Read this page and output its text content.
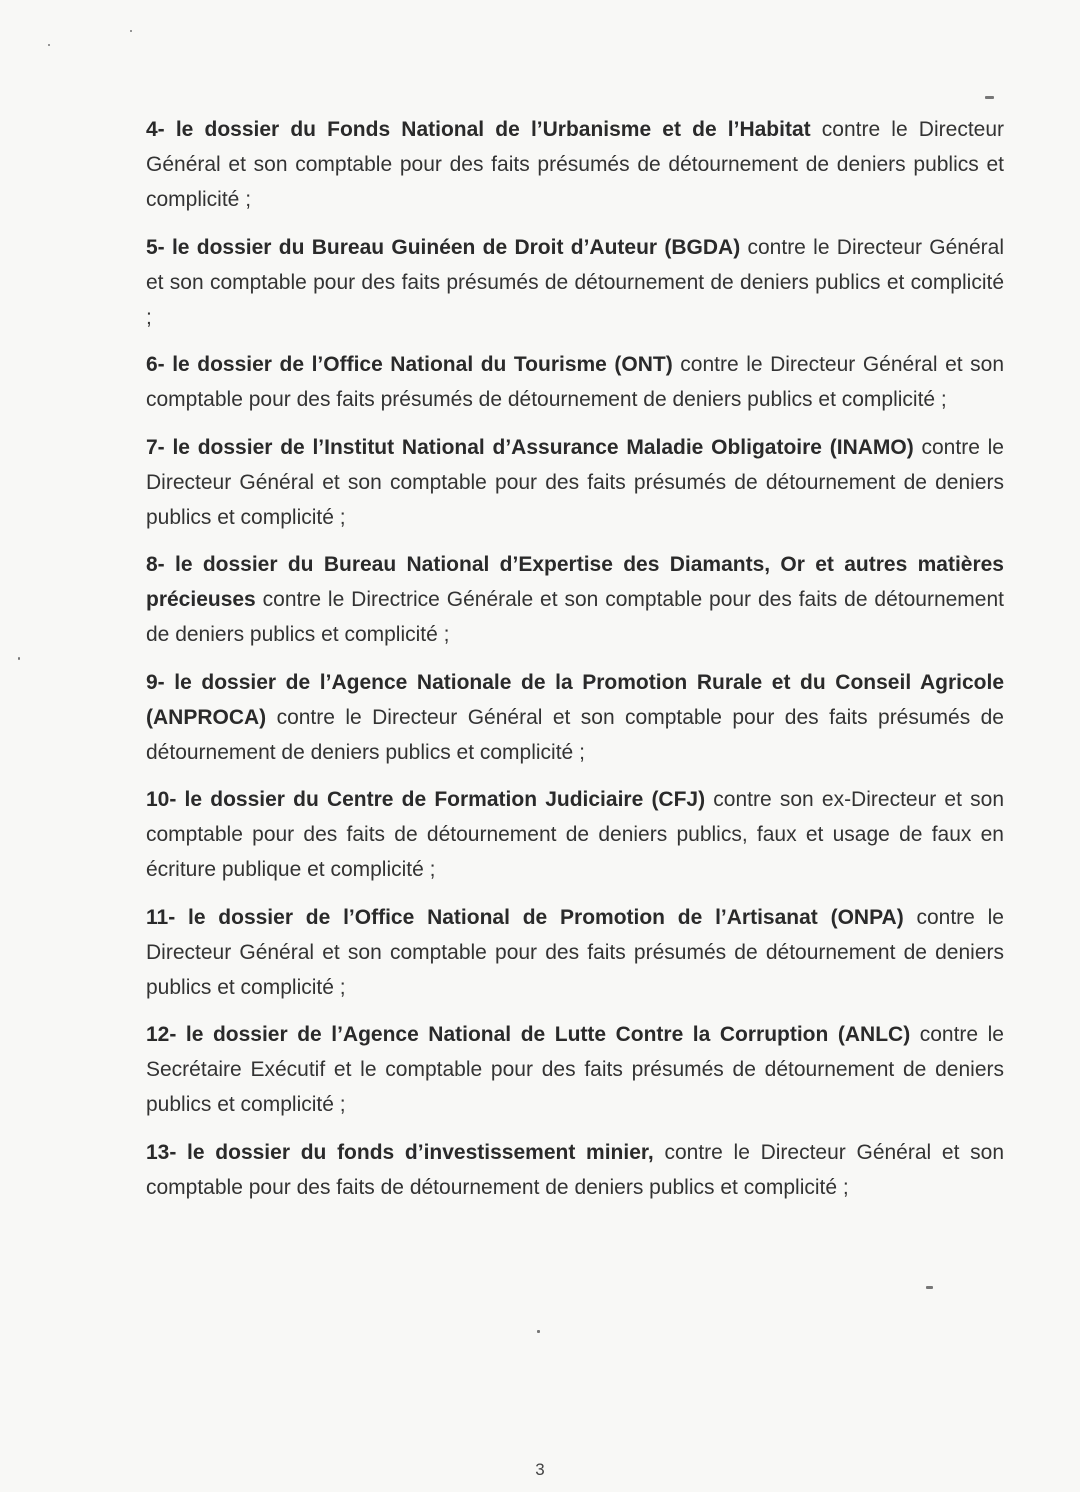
4- le dossier du Fonds National de l’Urbanisme et de l’Habitat contre le Directeur Général et son comptable pour des faits présumés de détournement de deniers publics et complicité ;

5- le dossier du Bureau Guinéen de Droit d’Auteur (BGDA) contre le Directeur Général et son comptable pour des faits présumés de détournement de deniers publics et complicité ;

6- le dossier de l’Office National du Tourisme (ONT) contre le Directeur Général et son comptable pour des faits présumés de détournement de deniers publics et complicité ;

7- le dossier de l’Institut National d’Assurance Maladie Obligatoire (INAMO) contre le Directeur Général et son comptable pour des faits présumés de détournement de deniers publics et complicité ;

8- le dossier du Bureau National d’Expertise des Diamants, Or et autres matières précieuses contre le Directrice Générale et son comptable pour des faits de détournement de deniers publics et complicité ;

9- le dossier de l’Agence Nationale de la Promotion Rurale et du Conseil Agricole (ANPROCA) contre le Directeur Général et son comptable pour des faits présumés de détournement de deniers publics et complicité ;

10- le dossier du Centre de Formation Judiciaire (CFJ) contre son ex-Directeur et son comptable pour des faits de détournement de deniers publics, faux et usage de faux en écriture publique et complicité ;

11- le dossier de l’Office National de Promotion de l’Artisanat (ONPA) contre le Directeur Général et son comptable pour des faits présumés de détournement de deniers publics et complicité ;

12- le dossier de l’Agence National de Lutte Contre la Corruption (ANLC) contre le Secrétaire Exécutif et le comptable pour des faits présumés de détournement de deniers publics et complicité ;

13- le dossier du fonds d’investissement minier, contre le Directeur Général et son comptable pour des faits de détournement de deniers publics et complicité ;

3
